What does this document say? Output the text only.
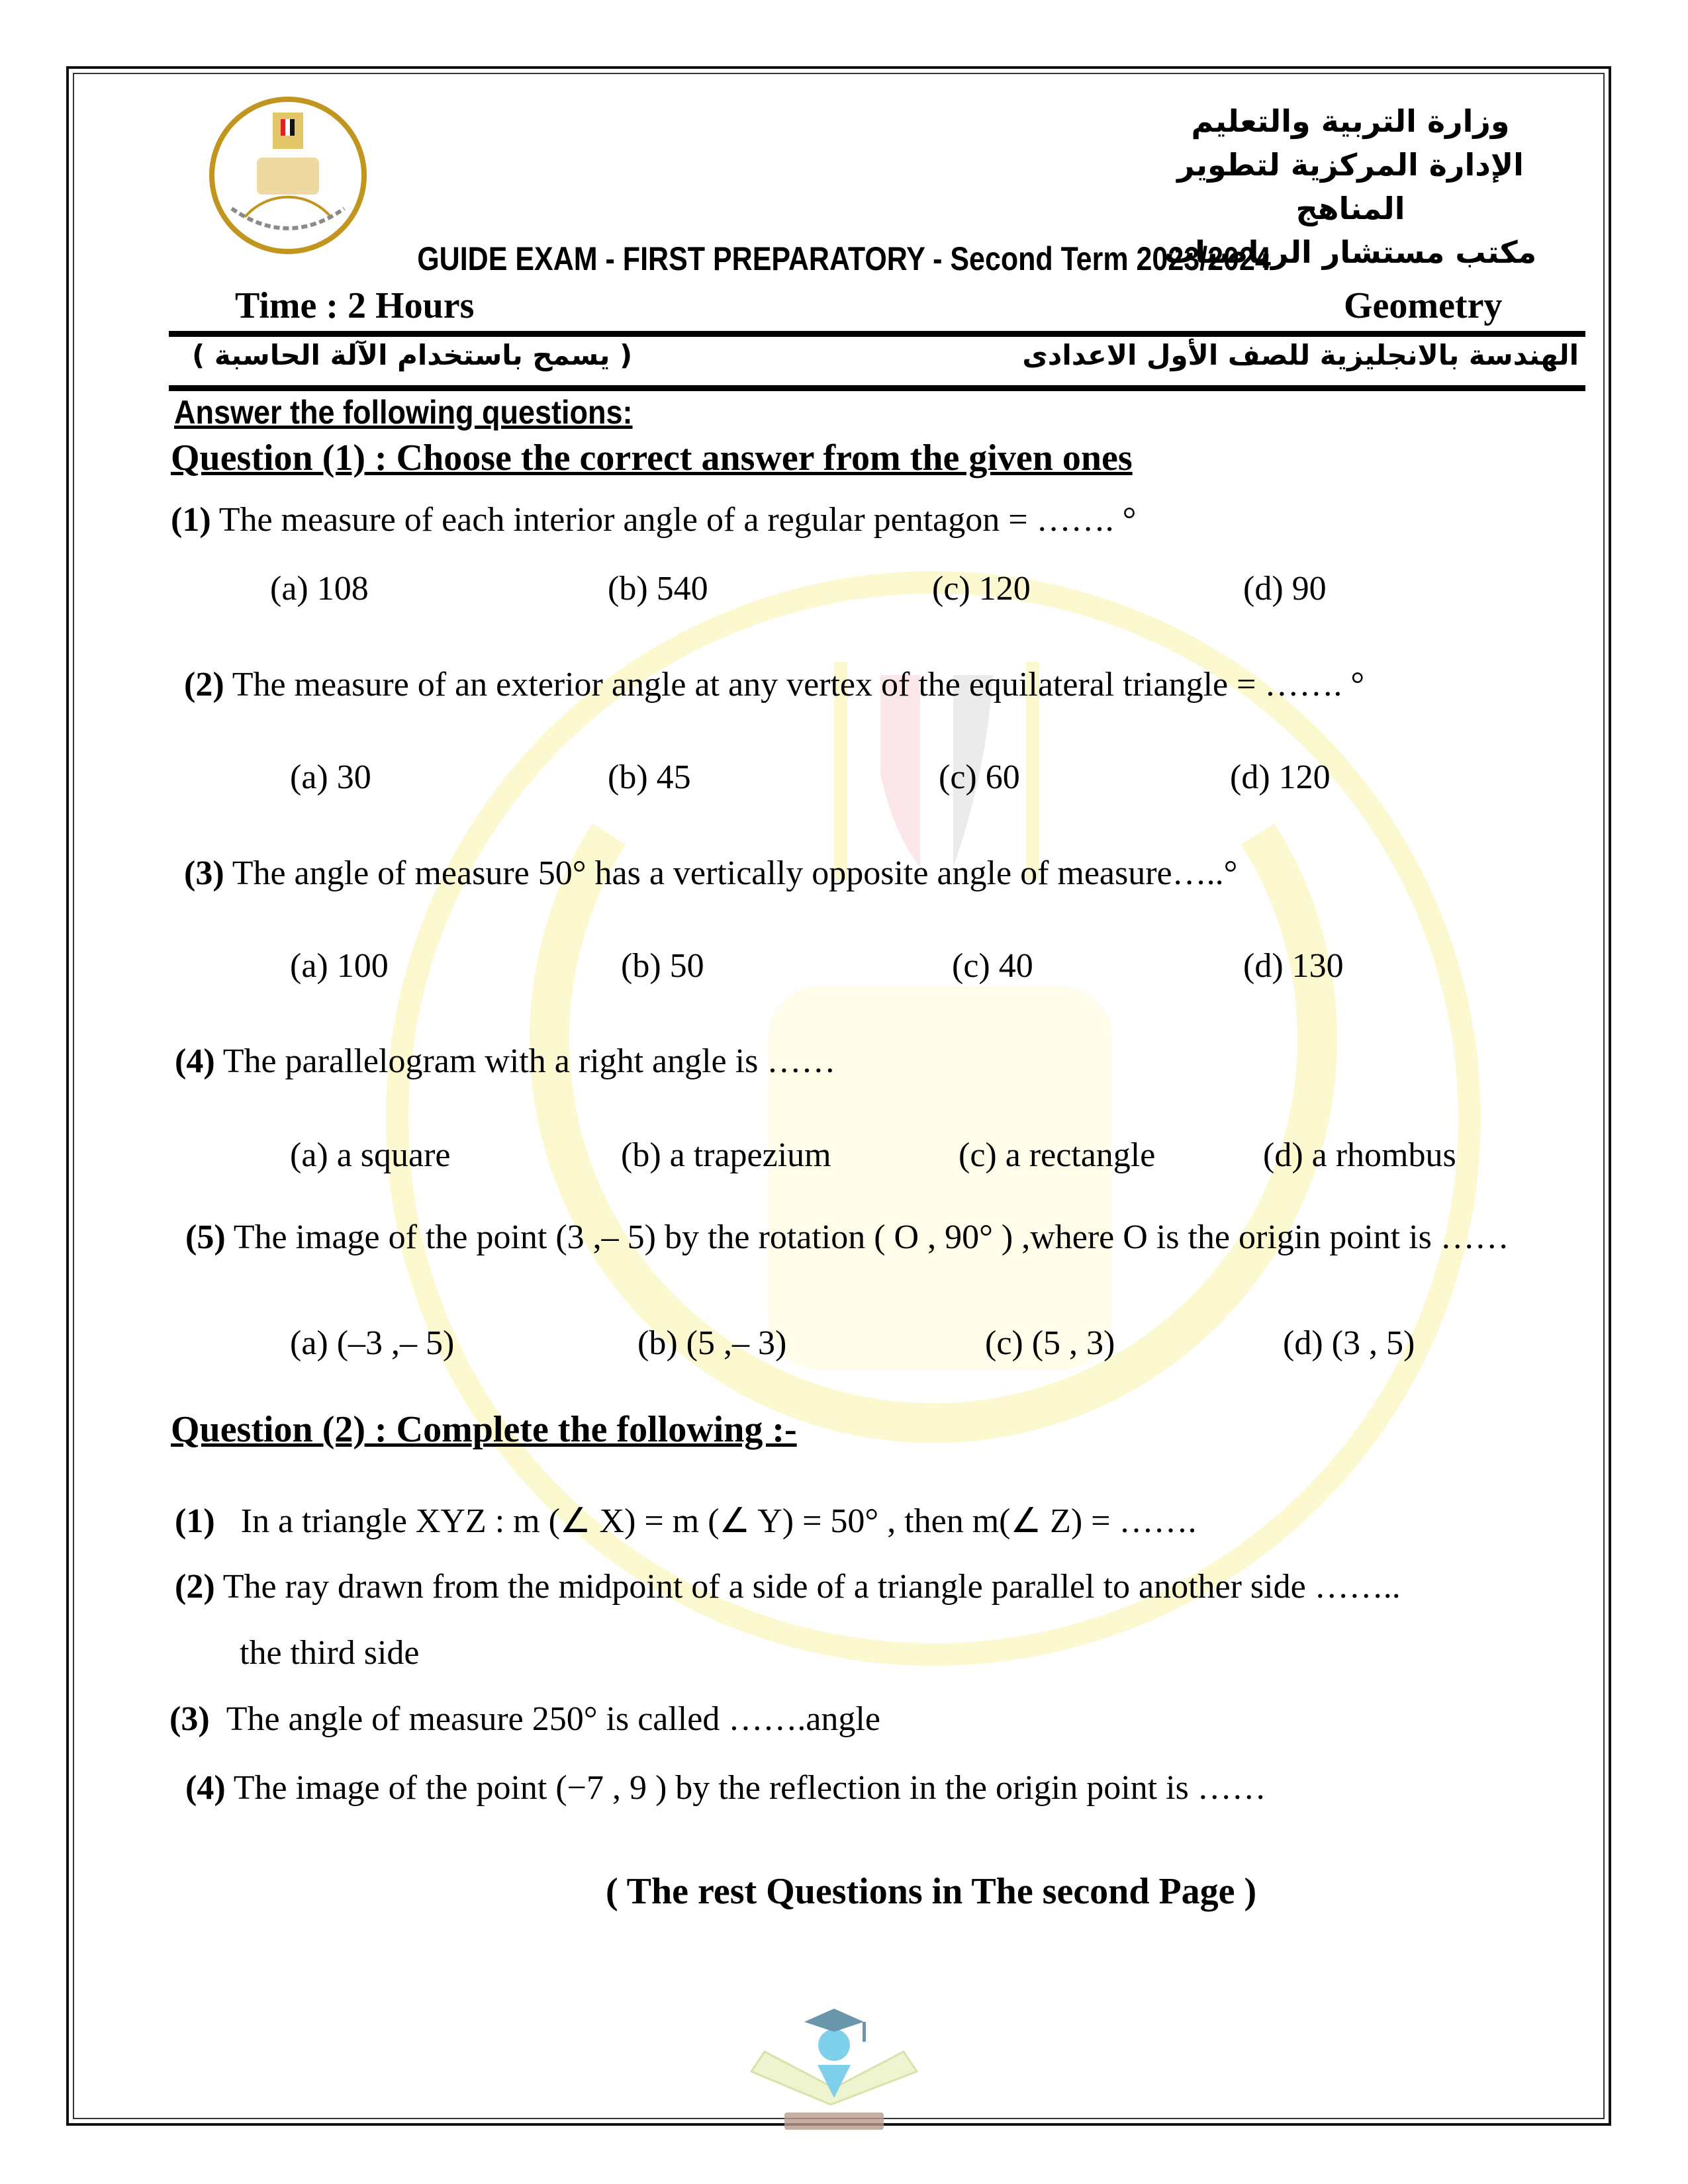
وزارة التربية والتعليم
الإدارة المركزية لتطوير المناهج
مكتب مستشار الرياضيات
GUIDE EXAM - FIRST PREPARATORY - Second Term 2023/2024
Time : 2 Hours	Geometry
( يسمح باستخدام الآلة الحاسبة )	الهندسة بالانجليزية للصف الأول الاعدادى
Answer the following questions:
Question (1) : Choose the correct answer from the given ones
(1) The measure of each interior angle of a regular pentagon = ……. °
(a) 108	(b) 540	(c) 120	(d) 90
(2) The measure of an exterior angle at any vertex of the equilateral triangle = ……. °
(a) 30	(b) 45	(c) 60	(d) 120
(3) The angle of measure 50° has a vertically opposite angle of measure…..°
(a) 100	(b) 50	(c) 40	(d) 130
(4) The parallelogram with a right angle is ……
(a) a square	(b) a trapezium	(c) a rectangle	(d) a rhombus
(5) The image of the point (3 ,– 5) by the rotation ( O , 90° ) ,where O is the origin point is ……
(a) (–3 ,– 5)	(b) (5 ,– 3)	(c) (5 , 3)	(d) (3 , 5)
Question (2) : Complete the following :-
(1) In a triangle XYZ : m (∠ X) = m (∠ Y) = 50° , then m(∠ Z) = …….
(2) The ray drawn from the midpoint of a side of a triangle parallel to another side ……..
the third side
(3) The angle of measure 250° is called …….angle
(4) The image of the point (−7 , 9 ) by the reflection in the origin point is ……
( The rest Questions in The second Page )
